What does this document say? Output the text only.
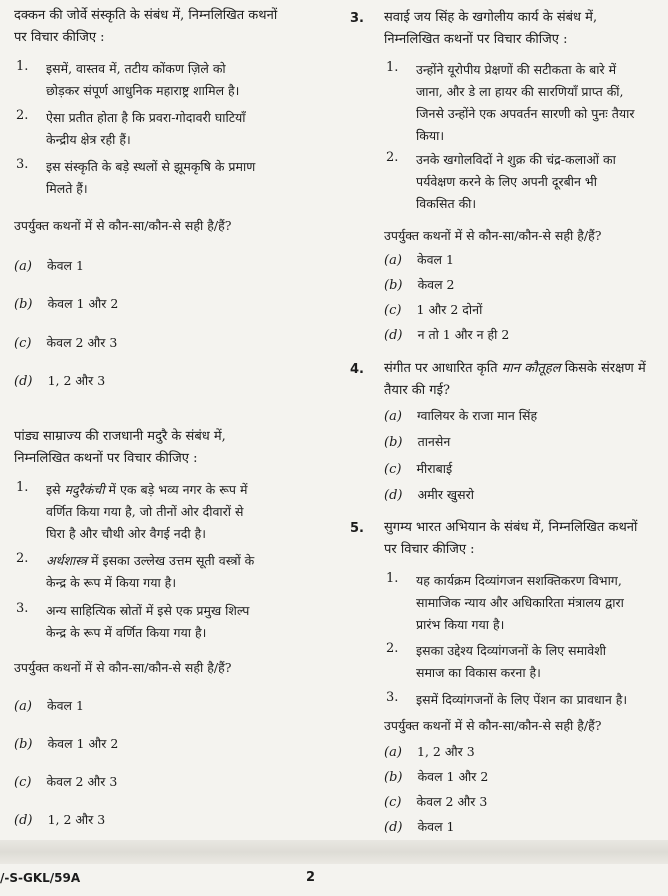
दक्कन की जोर्वे संस्कृति के संबंध में, निम्नलिखित कथनों
पर विचार कीजिए :
1. इसमें, वास्तव में, तटीय कोंकण ज़िले को
छोड़कर संपूर्ण आधुनिक महाराष्ट्र शामिल है।
2. ऐसा प्रतीत होता है कि प्रवरा-गोदावरी घाटियाँ
केन्द्रीय क्षेत्र रही हैं।
3. इस संस्कृति के बड़े स्थलों से झूमकृषि के प्रमाण
मिलते हैं।
उपर्युक्त कथनों में से कौन-सा/कौन-से सही है/हैं?
(a) केवल 1
(b) केवल 1 और 2
(c) केवल 2 और 3
(d) 1, 2 और 3
पांड्य साम्राज्य की राजधानी मदुरै के संबंध में,
निम्नलिखित कथनों पर विचार कीजिए :
1. इसे मदुरैकंची में एक बड़े भव्य नगर के रूप में
वर्णित किया गया है, जो तीनों ओर दीवारों से
घिरा है और चौथी ओर वैगई नदी है।
2. अर्थशास्त्र में इसका उल्लेख उत्तम सूती वस्त्रों के
केन्द्र के रूप में किया गया है।
3. अन्य साहित्यिक स्रोतों में इसे एक प्रमुख शिल्प
केन्द्र के रूप में वर्णित किया गया है।
उपर्युक्त कथनों में से कौन-सा/कौन-से सही है/हैं?
(a) केवल 1
(b) केवल 1 और 2
(c) केवल 2 और 3
(d) 1, 2 और 3
3. सवाई जय सिंह के खगोलीय कार्य के संबंध में,
निम्नलिखित कथनों पर विचार कीजिए :
1. उन्होंने यूरोपीय प्रेक्षणों की सटीकता के बारे में
जाना, और डे ला हायर की सारणियाँ प्राप्त कीं,
जिनसे उन्होंने एक अपवर्तन सारणी को पुनः तैयार
किया।
2. उनके खगोलविदों ने शुक्र की चंद्र-कलाओं का
पर्यवेक्षण करने के लिए अपनी दूरबीन भी
विकसित की।
उपर्युक्त कथनों में से कौन-सा/कौन-से सही है/हैं?
(a) केवल 1
(b) केवल 2
(c) 1 और 2 दोनों
(d) न तो 1 और न ही 2
4. संगीत पर आधारित कृति मान कौतूहल किसके संरक्षण में
तैयार की गई?
(a) ग्वालियर के राजा मान सिंह
(b) तानसेन
(c) मीराबाई
(d) अमीर खुसरो
5. सुगम्य भारत अभियान के संबंध में, निम्नलिखित कथनों
पर विचार कीजिए :
1. यह कार्यक्रम दिव्यांगजन सशक्तिकरण विभाग,
सामाजिक न्याय और अधिकारिता मंत्रालय द्वारा
प्रारंभ किया गया है।
2. इसका उद्देश्य दिव्यांगजनों के लिए समावेशी
समाज का विकास करना है।
3. इसमें दिव्यांगजनों के लिए पेंशन का प्रावधान है।
उपर्युक्त कथनों में से कौन-सा/कौन-से सही है/हैं?
(a) 1, 2 और 3
(b) केवल 1 और 2
(c) केवल 2 और 3
(d) केवल 1
/-S-GKL/59A	2
